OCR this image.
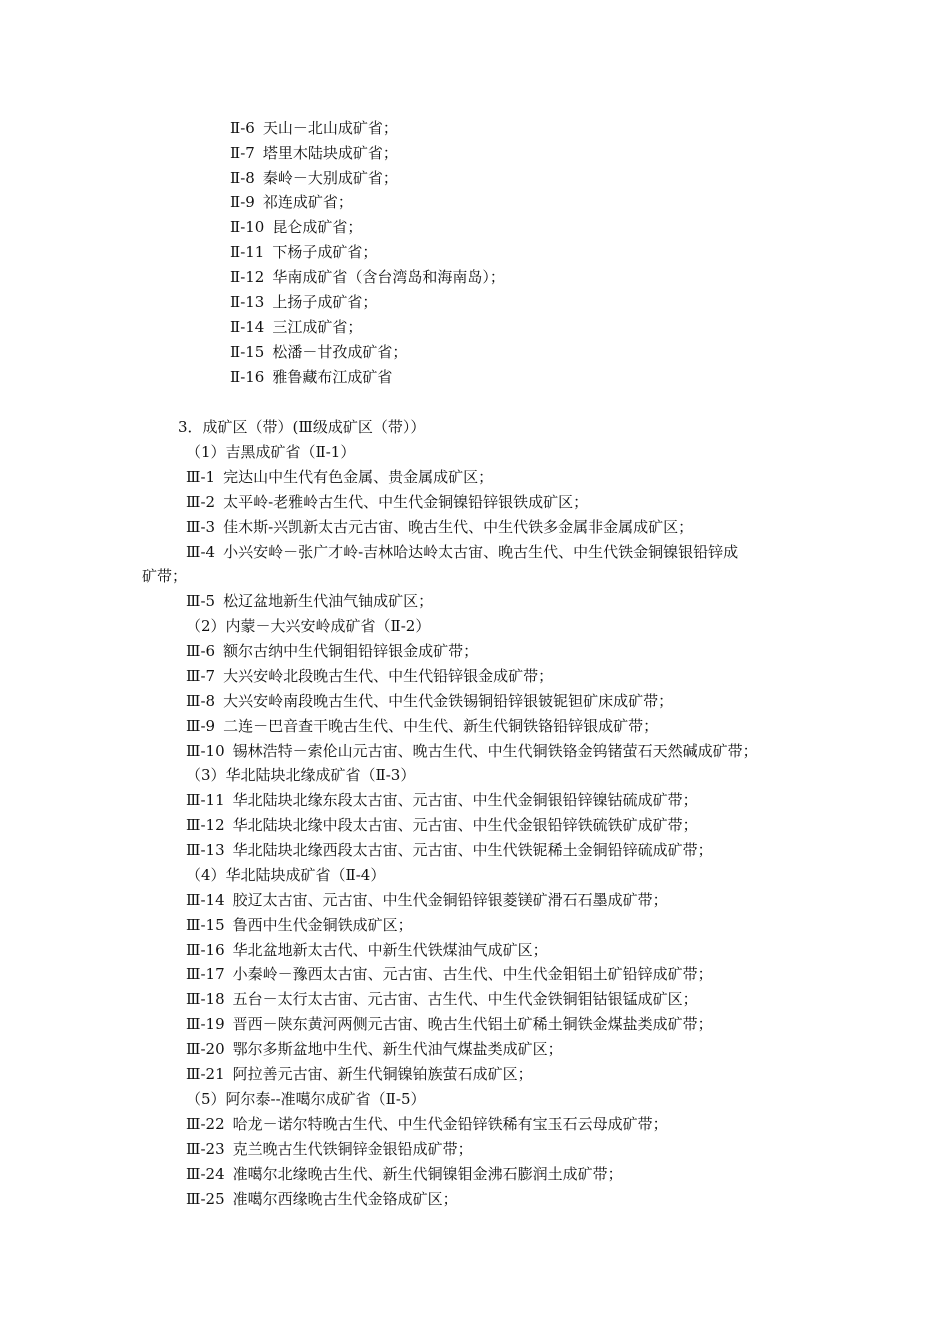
Ⅱ-6 天山－北山成矿省；

Ⅱ-7 塔里木陆块成矿省；

Ⅱ-8 秦岭－大别成矿省；

Ⅱ-9 祁连成矿省；

Ⅱ-10 昆仑成矿省；

Ⅱ-11 下杨子成矿省；

Ⅱ-12 华南成矿省（含台湾岛和海南岛）；

Ⅱ-13 上扬子成矿省；

Ⅱ-14 三江成矿省；

Ⅱ-15 松潘－甘孜成矿省；

Ⅱ-16 雅鲁藏布江成矿省

3．成矿区（带）(Ⅲ级成矿区（带））

（1）吉黑成矿省（Ⅱ-1）

Ⅲ-1 完达山中生代有色金属、贵金属成矿区；

Ⅲ-2 太平岭-老雅岭古生代、中生代金铜镍铅锌银铁成矿区；

Ⅲ-3 佳木斯-兴凯新太古元古宙、晚古生代、中生代铁多金属非金属成矿区；

Ⅲ-4 小兴安岭－张广才岭-吉林哈达岭太古宙、晚古生代、中生代铁金铜镍银铅锌成

矿带；

Ⅲ-5 松辽盆地新生代油气铀成矿区；

（2）内蒙－大兴安岭成矿省（Ⅱ-2）

Ⅲ-6 额尔古纳中生代铜钼铅锌银金成矿带；

Ⅲ-7 大兴安岭北段晚古生代、中生代铅锌银金成矿带；

Ⅲ-8 大兴安岭南段晚古生代、中生代金铁锡铜铅锌银铍铌钽矿床成矿带；

Ⅲ-9 二连－巴音查干晚古生代、中生代、新生代铜铁铬铅锌银成矿带；

Ⅲ-10 锡林浩特－索伦山元古宙、晚古生代、中生代铜铁铬金钨锗萤石天然碱成矿带；

（3）华北陆块北缘成矿省（Ⅱ-3）

Ⅲ-11 华北陆块北缘东段太古宙、元古宙、中生代金铜银铅锌镍钴硫成矿带；

Ⅲ-12 华北陆块北缘中段太古宙、元古宙、中生代金银铅锌铁硫铁矿成矿带；

Ⅲ-13 华北陆块北缘西段太古宙、元古宙、中生代铁铌稀土金铜铅锌硫成矿带；

（4）华北陆块成矿省（Ⅱ-4）

Ⅲ-14 胶辽太古宙、元古宙、中生代金铜铅锌银菱镁矿滑石石墨成矿带；

Ⅲ-15 鲁西中生代金铜铁成矿区；

Ⅲ-16 华北盆地新太古代、中新生代铁煤油气成矿区；

Ⅲ-17 小秦岭－豫西太古宙、元古宙、古生代、中生代金钼铝土矿铅锌成矿带；

Ⅲ-18 五台－太行太古宙、元古宙、古生代、中生代金铁铜钼钴银锰成矿区；

Ⅲ-19 晋西－陕东黄河两侧元古宙、晚古生代铝土矿稀土铜铁金煤盐类成矿带；

Ⅲ-20 鄂尔多斯盆地中生代、新生代油气煤盐类成矿区；

Ⅲ-21 阿拉善元古宙、新生代铜镍铂族萤石成矿区；

（5）阿尔泰--准噶尔成矿省（Ⅱ-5）

Ⅲ-22 哈龙－诺尔特晚古生代、中生代金铅锌铁稀有宝玉石云母成矿带；

Ⅲ-23 克兰晚古生代铁铜锌金银铅成矿带；

Ⅲ-24 准噶尔北缘晚古生代、新生代铜镍钼金沸石膨润土成矿带；

Ⅲ-25 准噶尔西缘晚古生代金铬成矿区；
